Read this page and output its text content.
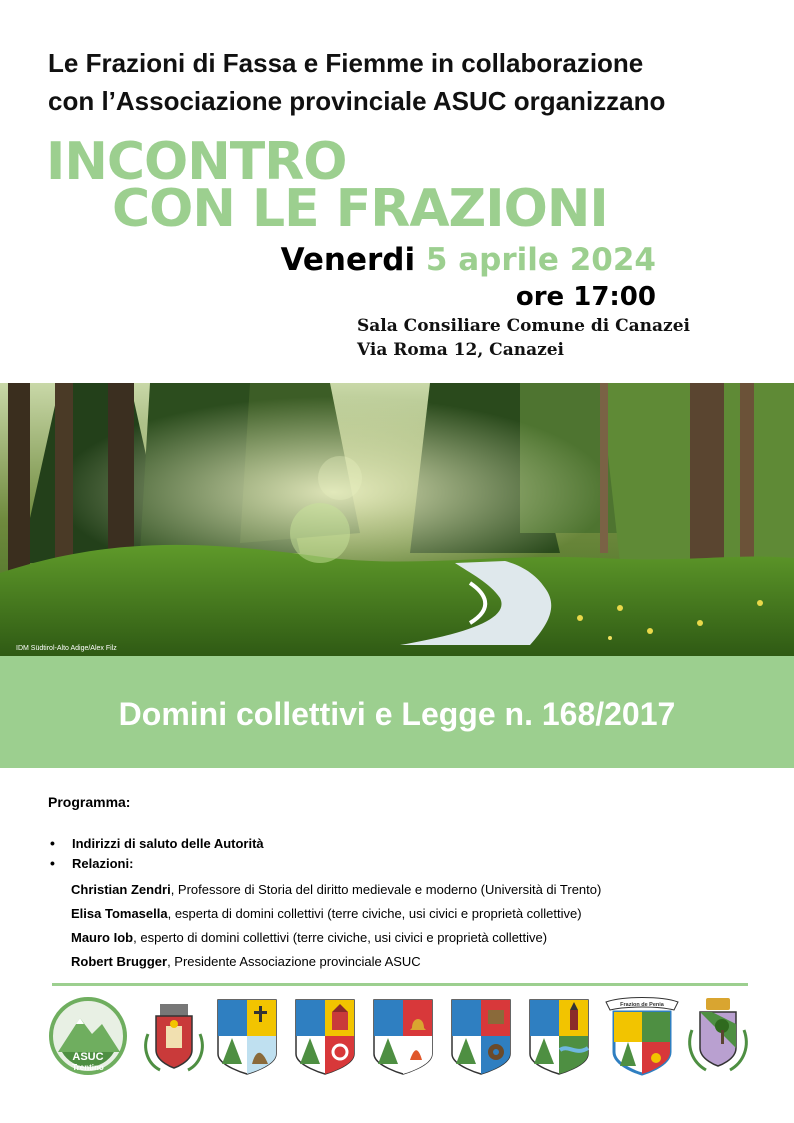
Le Frazioni di Fassa e Fiemme in collaborazione
con l’Associazione provinciale ASUC organizzano
INCONTRO
CON LE FRAZIONI
Venerdi 5 aprile 2024
ore 17:00
Sala Consiliare Comune di Canazei
Via Roma 12, Canazei
IDM Südtirol-Alto Adige/Alex Filz
Domini collettivi e Legge n. 168/2017
Programma:
• Indirizzi di saluto delle Autorità
• Relazioni:
Christian Zendri, Professore di Storia del diritto medievale e moderno (Università di Trento)
Elisa Tomasella, esperta di domini collettivi (terre civiche, usi civici e proprietà collettive)
Mauro Iob, esperto di domini collettivi (terre civiche, usi civici e proprietà collettive)
Robert Brugger, Presidente Associazione provinciale ASUC
ASUC
Trentino
Frazion de Penia
